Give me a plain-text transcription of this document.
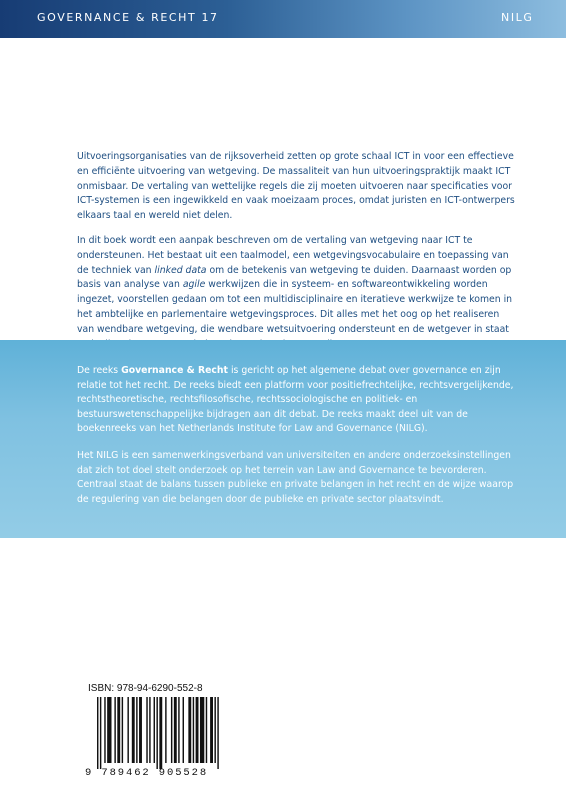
GOVERNANCE & RECHT 17	NILG

Uitvoeringsorganisaties van de rijksoverheid zetten op grote schaal ICT in voor een effectieve en efficiënte uitvoering van wetgeving. De massaliteit van hun uitvoeringspraktijk maakt ICT onmisbaar. De vertaling van wettelijke regels die zij moeten uitvoeren naar specificaties voor ICT-systemen is een ingewikkeld en vaak moeizaam proces, omdat juristen en ICT-ontwerpers elkaars taal en wereld niet delen.

In dit boek wordt een aanpak beschreven om de vertaling van wetgeving naar ICT te ondersteunen. Het bestaat uit een taalmodel, een wetgevingsvocabulaire en toepassing van de techniek van linked data om de betekenis van wetgeving te duiden. Daarnaast worden op basis van analyse van agile werkwijzen die in systeem- en softwareontwikkeling worden ingezet, voorstellen gedaan om tot een multidisciplinaire en iteratieve werkwijze te komen in het ambtelijke en parlementaire wetgevingsproces. Dit alles met het oog op het realiseren van wendbare wetgeving, die wendbare wetsuitvoering ondersteunt en de wetgever in staat

De reeks Governance & Recht is gericht op het algemene debat over governance en zijn relatie tot het recht. De reeks biedt een platform voor positiefrechtelijke, rechtsvergelijkende, rechtstheoretische, rechtsfilosofische, rechtssociologische en politiek- en bestuurswetenschappelijke bijdragen aan dit debat. De reeks maakt deel uit van de boekenreeks van het Netherlands Institute for Law and Governance (NILG).

Het NILG is een samenwerkingsverband van universiteiten en andere onderzoeksinstellingen dat zich tot doel stelt onderzoek op het terrein van Law and Governance te bevorderen. Centraal staat de balans tussen publieke en private belangen in het recht en de wijze waarop de regulering van die belangen door de publieke en private sector plaatsvindt.

ISBN: 978-94-6290-552-8
9 789462 905528
